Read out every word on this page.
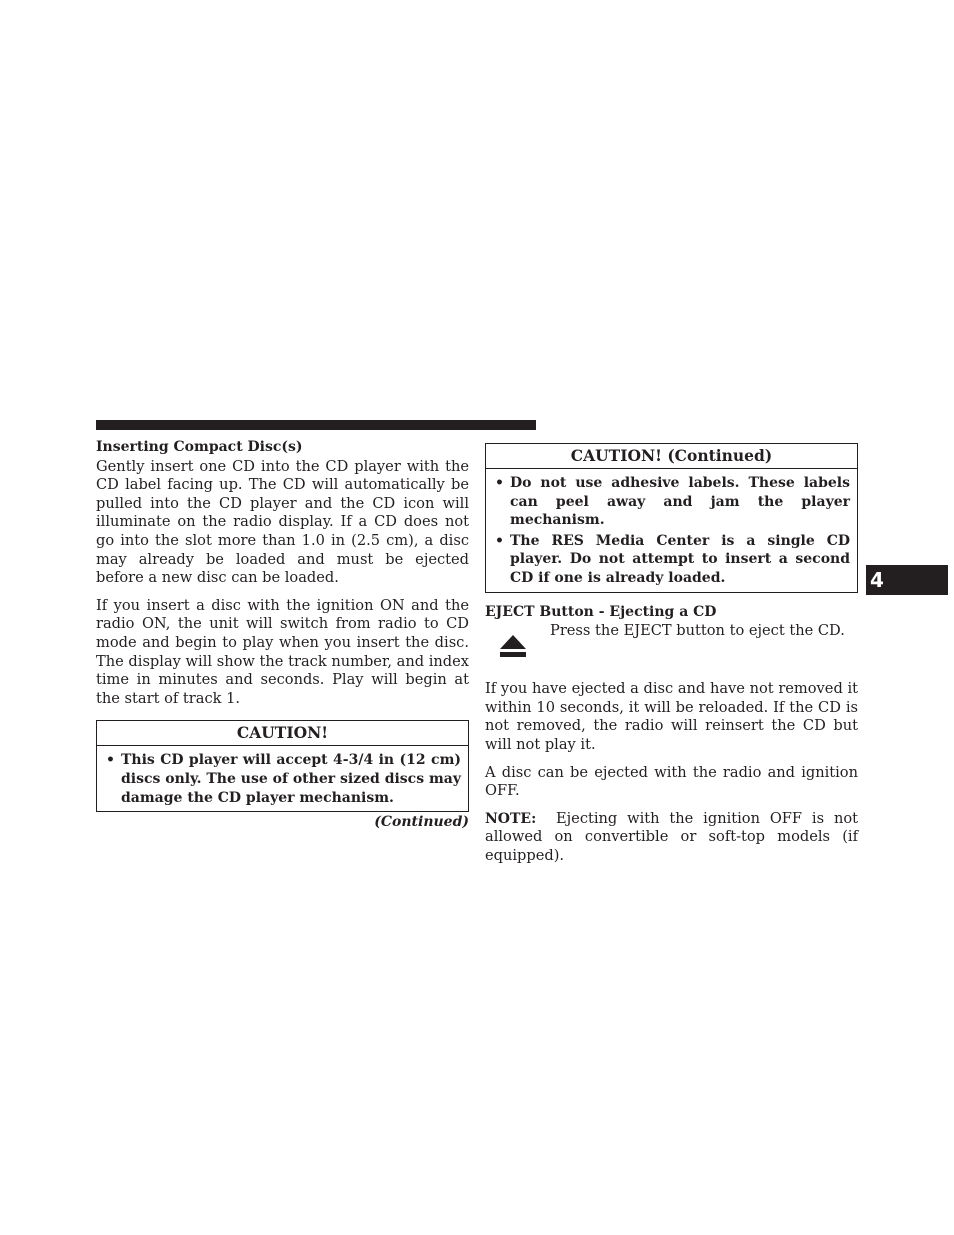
Inserting Compact Disc(s)

Gently insert one CD into the CD player with the CD label facing up. The CD will automatically be pulled into the CD player and the CD icon will illuminate on the radio display. If a CD does not go into the slot more than 1.0 in (2.5 cm), a disc may already be loaded and must be ejected before a new disc can be loaded.

If you insert a disc with the ignition ON and the radio ON, the unit will switch from radio to CD mode and begin to play when you insert the disc. The display will show the track number, and index time in minutes and seconds. Play will begin at the start of track 1.

CAUTION!
• This CD player will accept 4-3/4 in (12 cm) discs only. The use of other sized discs may damage the CD player mechanism.
(Continued)
CAUTION! (Continued)
• Do not use adhesive labels. These labels can peel away and jam the player mechanism.
• The RES Media Center is a single CD player. Do not attempt to insert a second CD if one is already loaded.
EJECT Button - Ejecting a CD
Press the EJECT button to eject the CD.

If you have ejected a disc and have not removed it within 10 seconds, it will be reloaded. If the CD is not removed, the radio will reinsert the CD but will not play it.

A disc can be ejected with the radio and ignition OFF.

NOTE: Ejecting with the ignition OFF is not allowed on convertible or soft-top models (if equipped).

4
